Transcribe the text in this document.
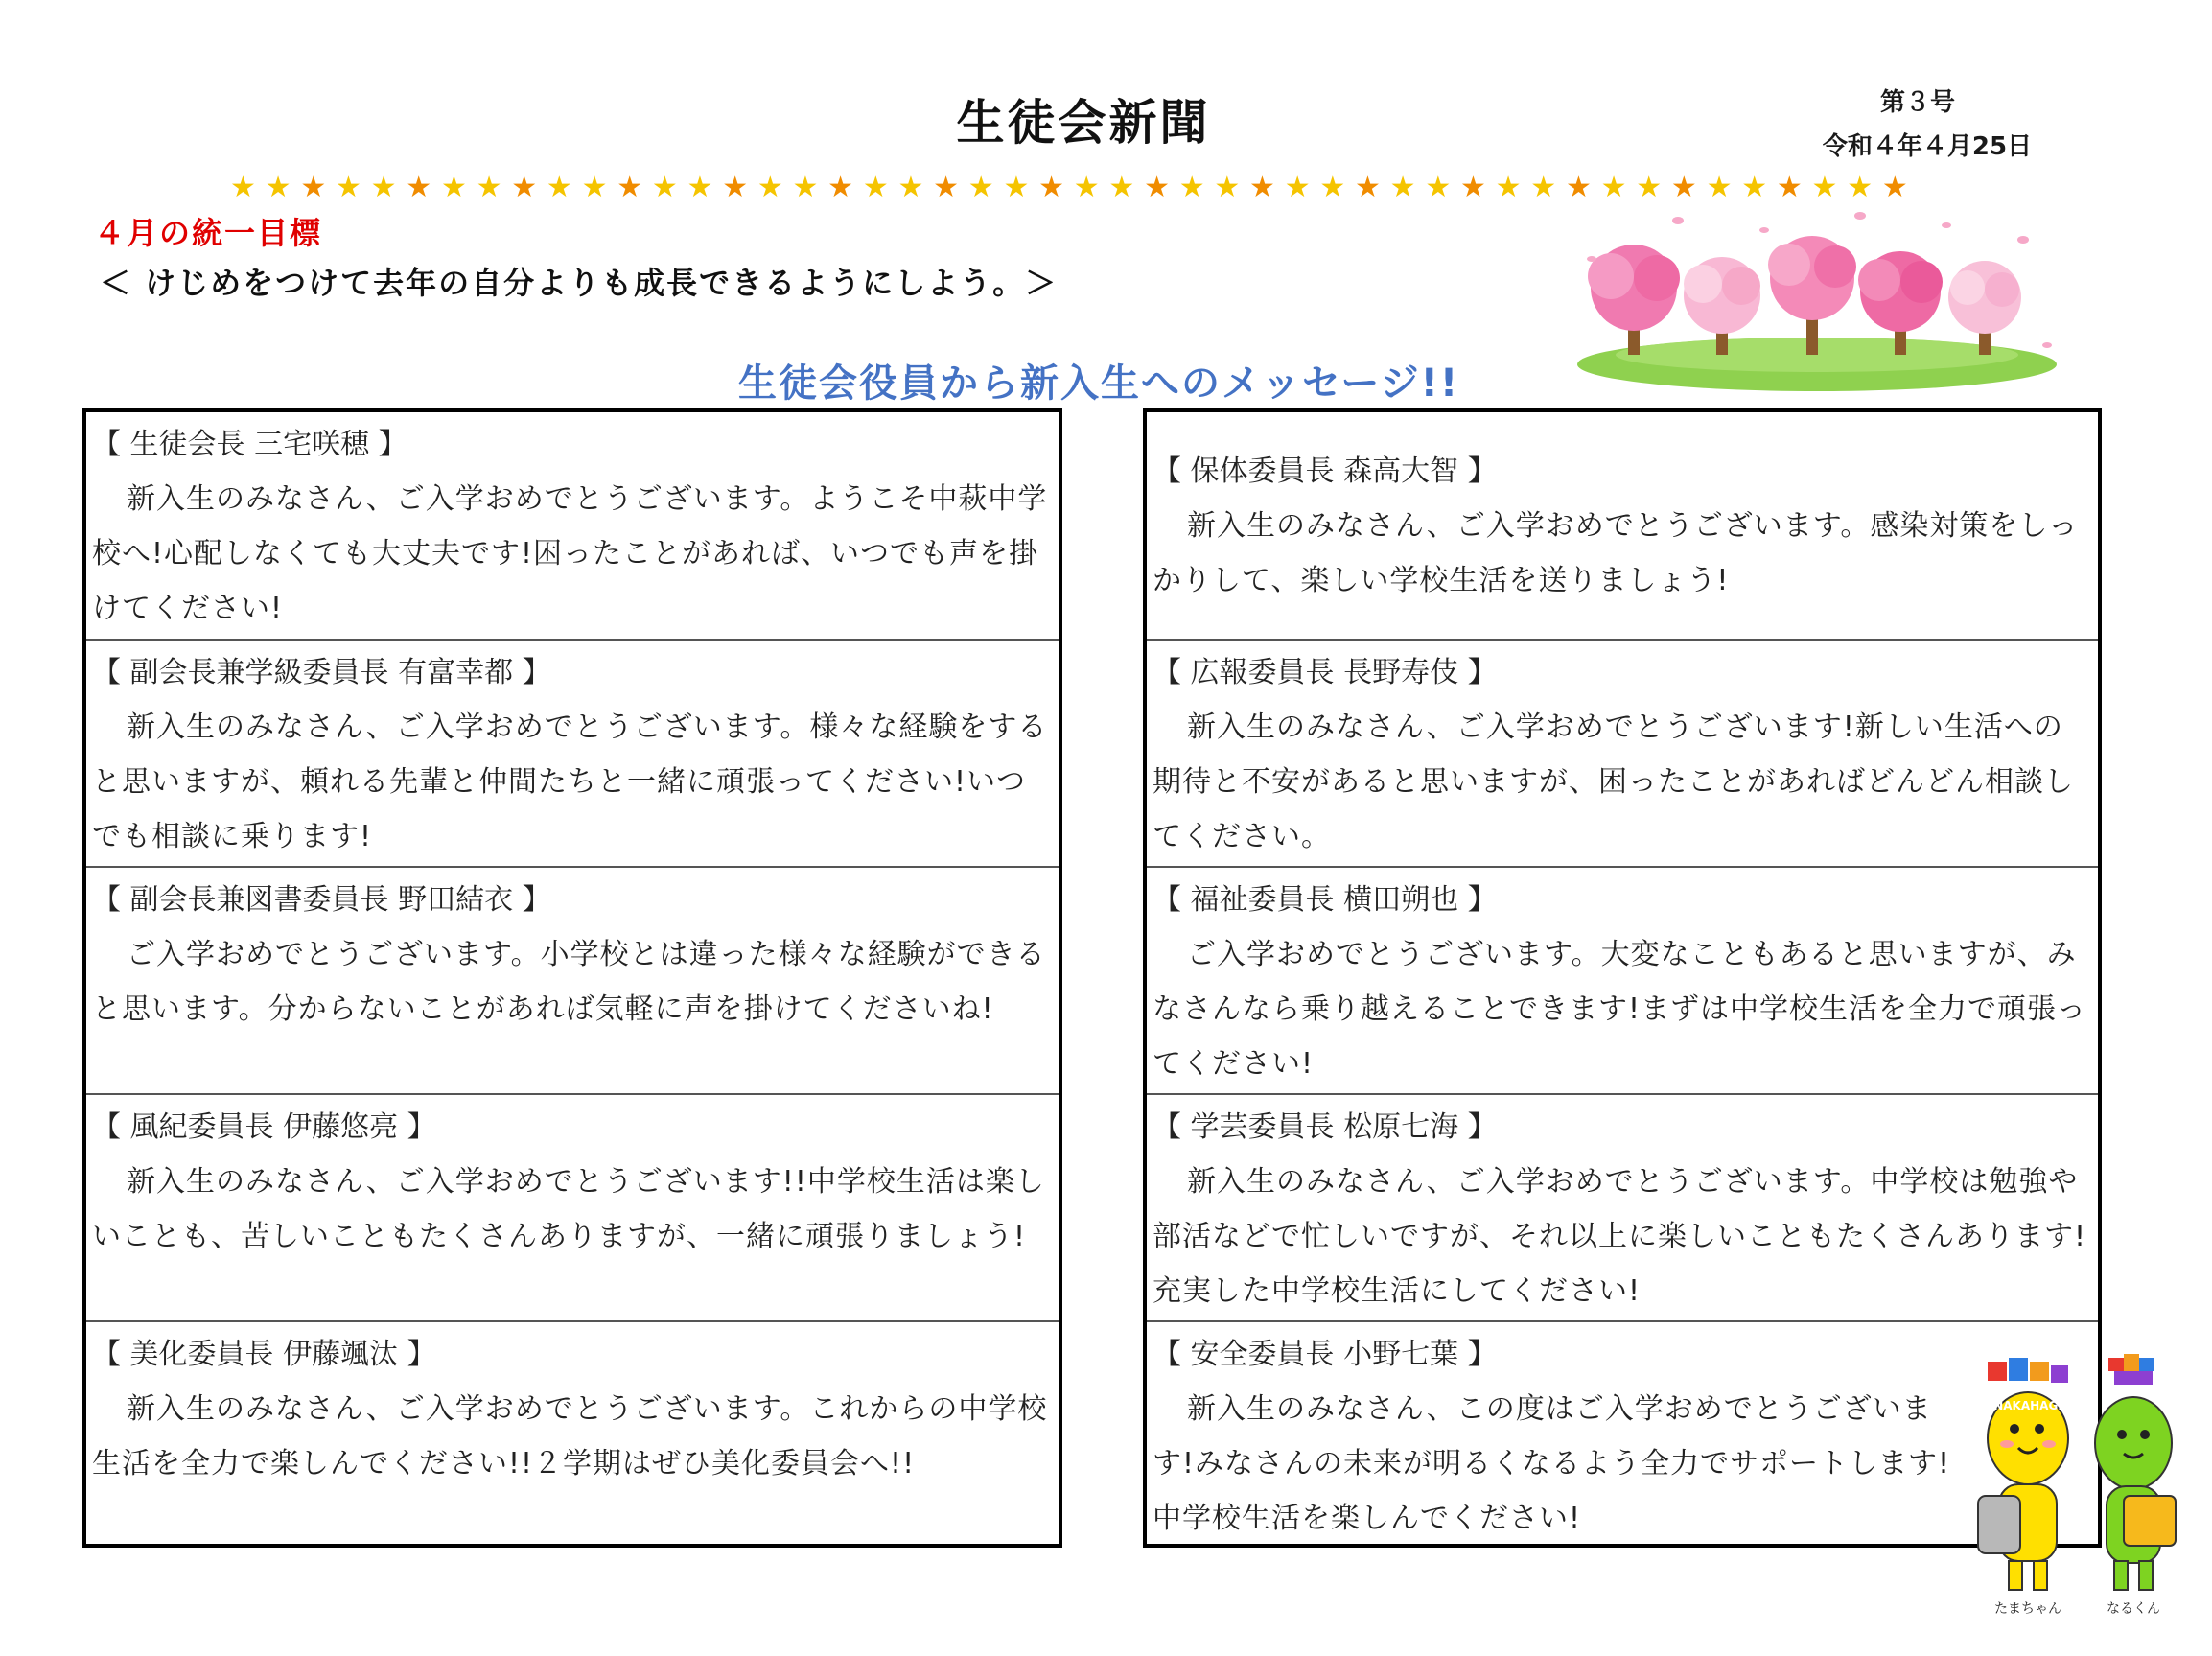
生徒会新聞	第３号
令和４年４月25日
★ ★ ★ ★ ★ ★ ★ ★ ★ ★ ★ ★ ★ ★ ★ ★ ★ ★ ★ ★ ★ ★ ★ ★ ★ ★ ★ ★ ★ ★ ★ ★ ★ ★ ★ ★ ★ ★ ★ ★ ★ ★ ★ ★ ★ ★ ★ ★
４月の統一目標
＜ けじめをつけて去年の自分よりも成長できるようにしよう。＞
生徒会役員から新入生へのメッセージ!!
【 生徒会長 三宅咲穂 】
新入生のみなさん、ご入学おめでとうございます。ようこそ中萩中学校へ!心配しなくても大丈夫です!困ったことがあれば、いつでも声を掛けてください!
【 副会長兼学級委員長 有富幸都 】
新入生のみなさん、ご入学おめでとうございます。様々な経験をすると思いますが、頼れる先輩と仲間たちと一緒に頑張ってください!いつでも相談に乗ります!
【 副会長兼図書委員長 野田結衣 】
ご入学おめでとうございます。小学校とは違った様々な経験ができると思います。分からないことがあれば気軽に声を掛けてくださいね!
【 風紀委員長 伊藤悠亮 】
新入生のみなさん、ご入学おめでとうございます!!中学校生活は楽しいことも、苦しいこともたくさんありますが、一緒に頑張りましょう!
【 美化委員長 伊藤颯汰 】
新入生のみなさん、ご入学おめでとうございます。これからの中学校生活を全力で楽しんでください!!２学期はぜひ美化委員会へ!!
【 保体委員長 森高大智 】
新入生のみなさん、ご入学おめでとうございます。感染対策をしっかりして、楽しい学校生活を送りましょう!
【 広報委員長 長野寿伎 】
新入生のみなさん、ご入学おめでとうございます!新しい生活への期待と不安があると思いますが、困ったことがあればどんどん相談してください。
【 福祉委員長 横田朔也 】
ご入学おめでとうございます。大変なこともあると思いますが、みなさんなら乗り越えることできます!まずは中学校生活を全力で頑張ってください!
【 学芸委員長 松原七海 】
新入生のみなさん、ご入学おめでとうございます。中学校は勉強や部活などで忙しいですが、それ以上に楽しいこともたくさんあります!充実した中学校生活にしてください!
【 安全委員長 小野七葉 】
新入生のみなさん、この度はご入学おめでとうございます!みなさんの未来が明るくなるよう全力でサポートします!中学校生活を楽しんでください!
たまちゃん	なるくん
NAKAHAGI
